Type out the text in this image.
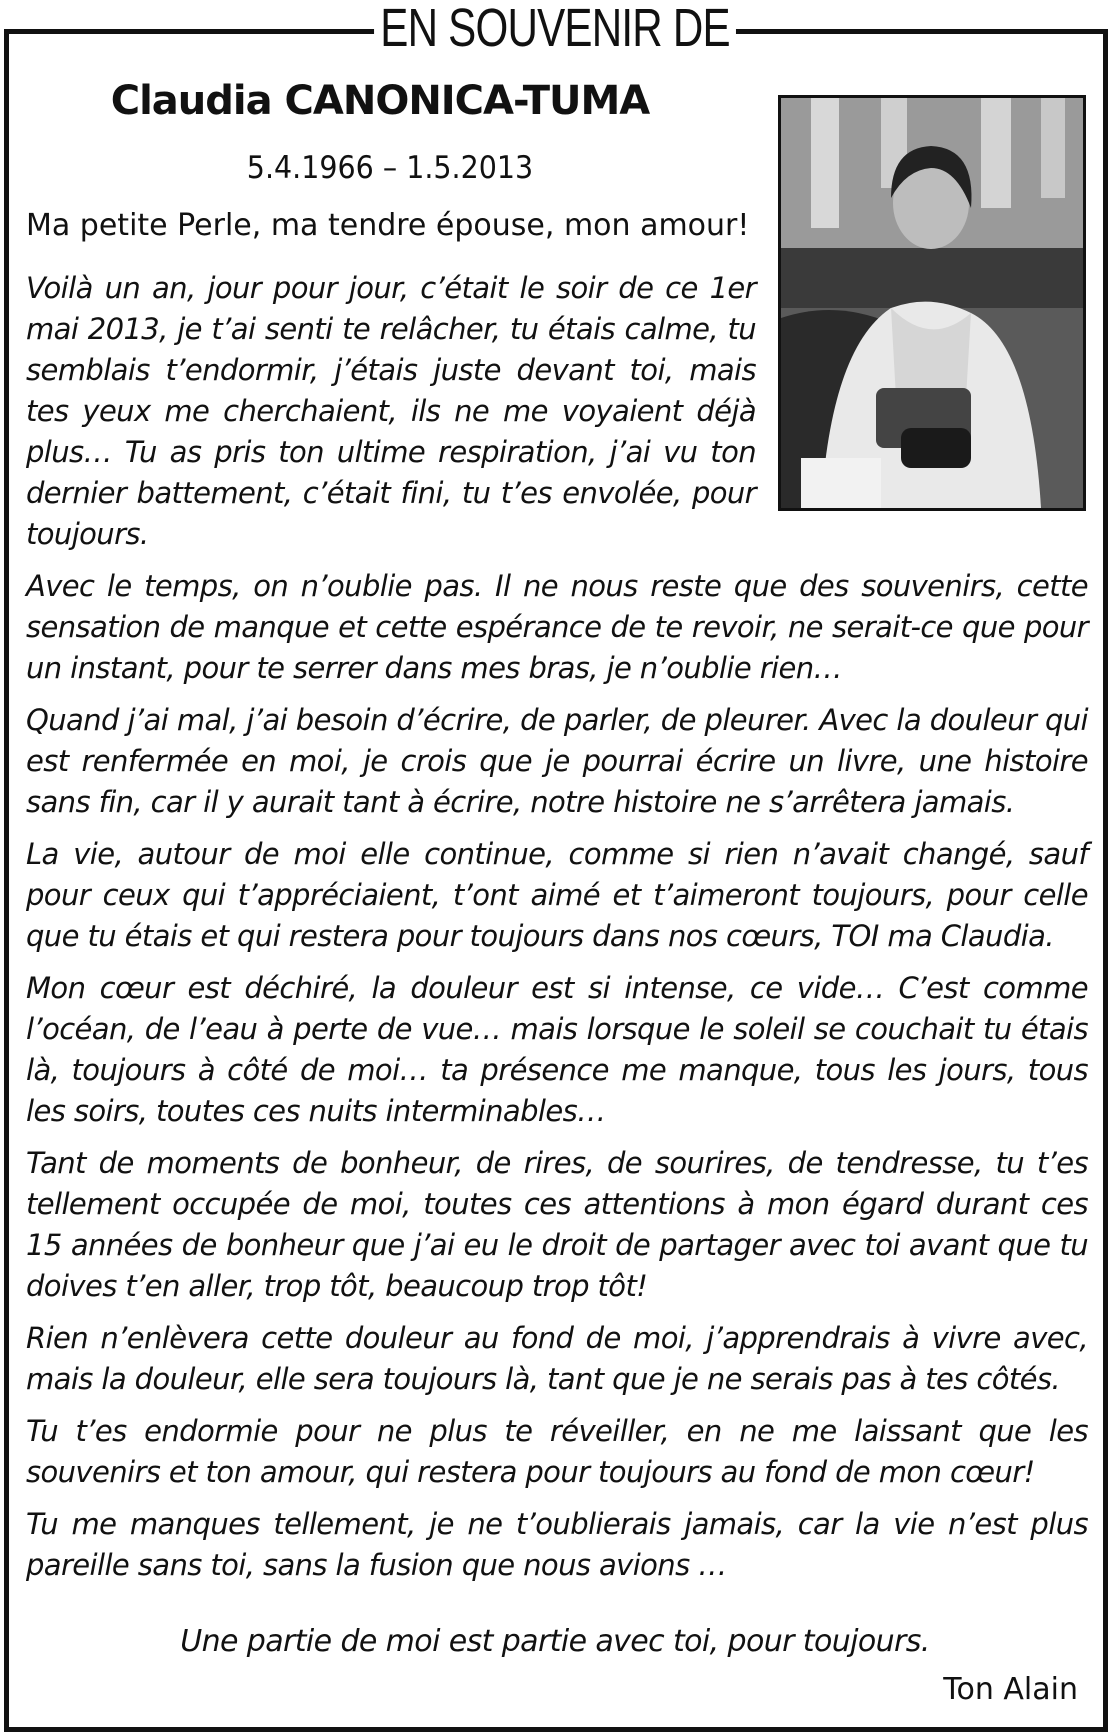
EN SOUVENIR DE
Claudia CANONICA-TUMA
5.4.1966 – 1.5.2013
Ma petite Perle, ma tendre épouse, mon amour!

Voilà un an, jour pour jour, c’était le soir de ce 1er mai 2013, je t’ai senti te relâcher, tu étais calme, tu semblais t’endormir, j’étais juste devant toi, mais tes yeux me cherchaient, ils ne me voyaient déjà plus… Tu as pris ton ultime respiration, j’ai vu ton dernier battement, c’était fini, tu t’es envolée, pour toujours.

Avec le temps, on n’oublie pas. Il ne nous reste que des souvenirs, cette sensation de manque et cette espérance de te revoir, ne serait-ce que pour un instant, pour te serrer dans mes bras, je n’oublie rien…

Quand j’ai mal, j’ai besoin d’écrire, de parler, de pleurer. Avec la douleur qui est renfermée en moi, je crois que je pourrai écrire un livre, une histoire sans fin, car il y aurait tant à écrire, notre histoire ne s’arrêtera jamais.

La vie, autour de moi elle continue, comme si rien n’avait changé, sauf pour ceux qui t’appréciaient, t’ont aimé et t’aimeront toujours, pour celle que tu étais et qui restera pour toujours dans nos cœurs, TOI ma Claudia.

Mon cœur est déchiré, la douleur est si intense, ce vide… C’est comme l’océan, de l’eau à perte de vue… mais lorsque le soleil se couchait tu étais là, toujours à côté de moi… ta présence me manque, tous les jours, tous les soirs, toutes ces nuits interminables…

Tant de moments de bonheur, de rires, de sourires, de tendresse, tu t’es tellement occupée de moi, toutes ces attentions à mon égard durant ces 15 années de bonheur que j’ai eu le droit de partager avec toi avant que tu doives t’en aller, trop tôt, beaucoup trop tôt!

Rien n’enlèvera cette douleur au fond de moi, j’apprendrais à vivre avec, mais la douleur, elle sera toujours là, tant que je ne serais pas à tes côtés.

Tu t’es endormie pour ne plus te réveiller, en ne me laissant que les souvenirs et ton amour, qui restera pour toujours au fond de mon cœur!

Tu me manques tellement, je ne t’oublierais jamais, car la vie n’est plus pareille sans toi, sans la fusion que nous avions …

Une partie de moi est partie avec toi, pour toujours.
Ton Alain
